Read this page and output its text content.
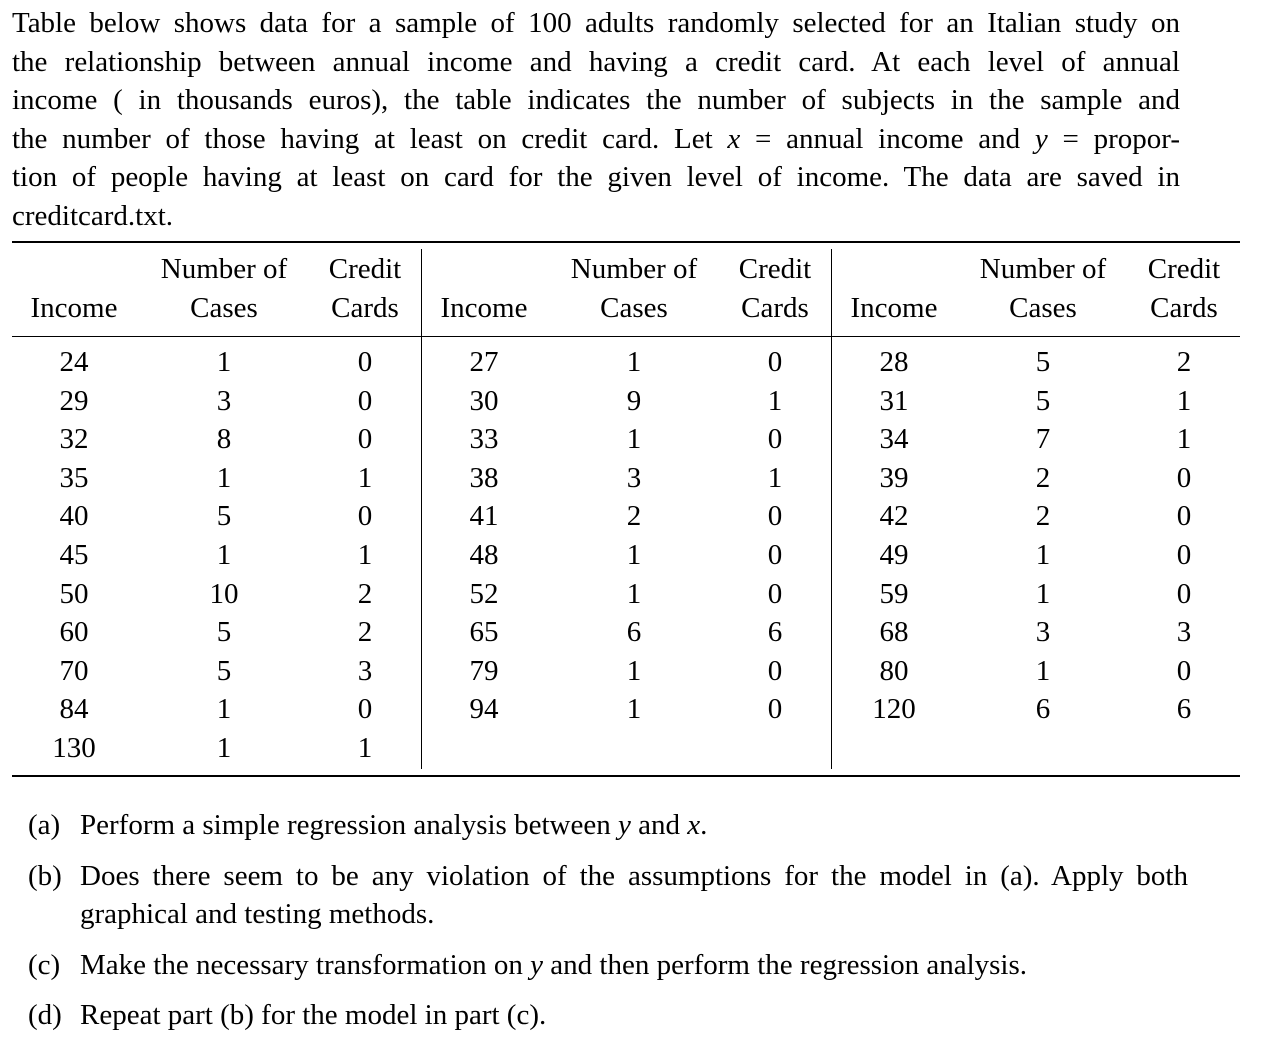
Table below shows data for a sample of 100 adults randomly selected for an Italian study on
the relationship between annual income and having a credit card. At each level of annual
income ( in thousands euros), the table indicates the number of subjects in the sample and
the number of those having at least on credit card. Let x = annual income and y = propor-
tion of people having at least on card for the given level of income. The data are saved in
creditcard.txt.
Income
Number of
Cases
Credit
Cards
24	1	0
29	3	0
32	8	0
35	1	1
40	5	0
45	1	1
50	10	2
60	5	2
70	5	3
84	1	0
130	1	1
Income
Number of
Cases
Credit
Cards
27	1	0
30	9	1
33	1	0
38	3	1
41	2	0
48	1	0
52	1	0
65	6	6
79	1	0
94	1	0
Income
Number of
Cases
Credit
Cards
28	5	2
31	5	1
34	7	1
39	2	0
42	2	0
49	1	0
59	1	0
68	3	3
80	1	0
120	6	6
(a) Perform a simple regression analysis between y and x.
(b) Does there seem to be any violation of the assumptions for the model in (a). Apply both graphical and testing methods.
(c) Make the necessary transformation on y and then perform the regression analysis.
(d) Repeat part (b) for the model in part (c).
